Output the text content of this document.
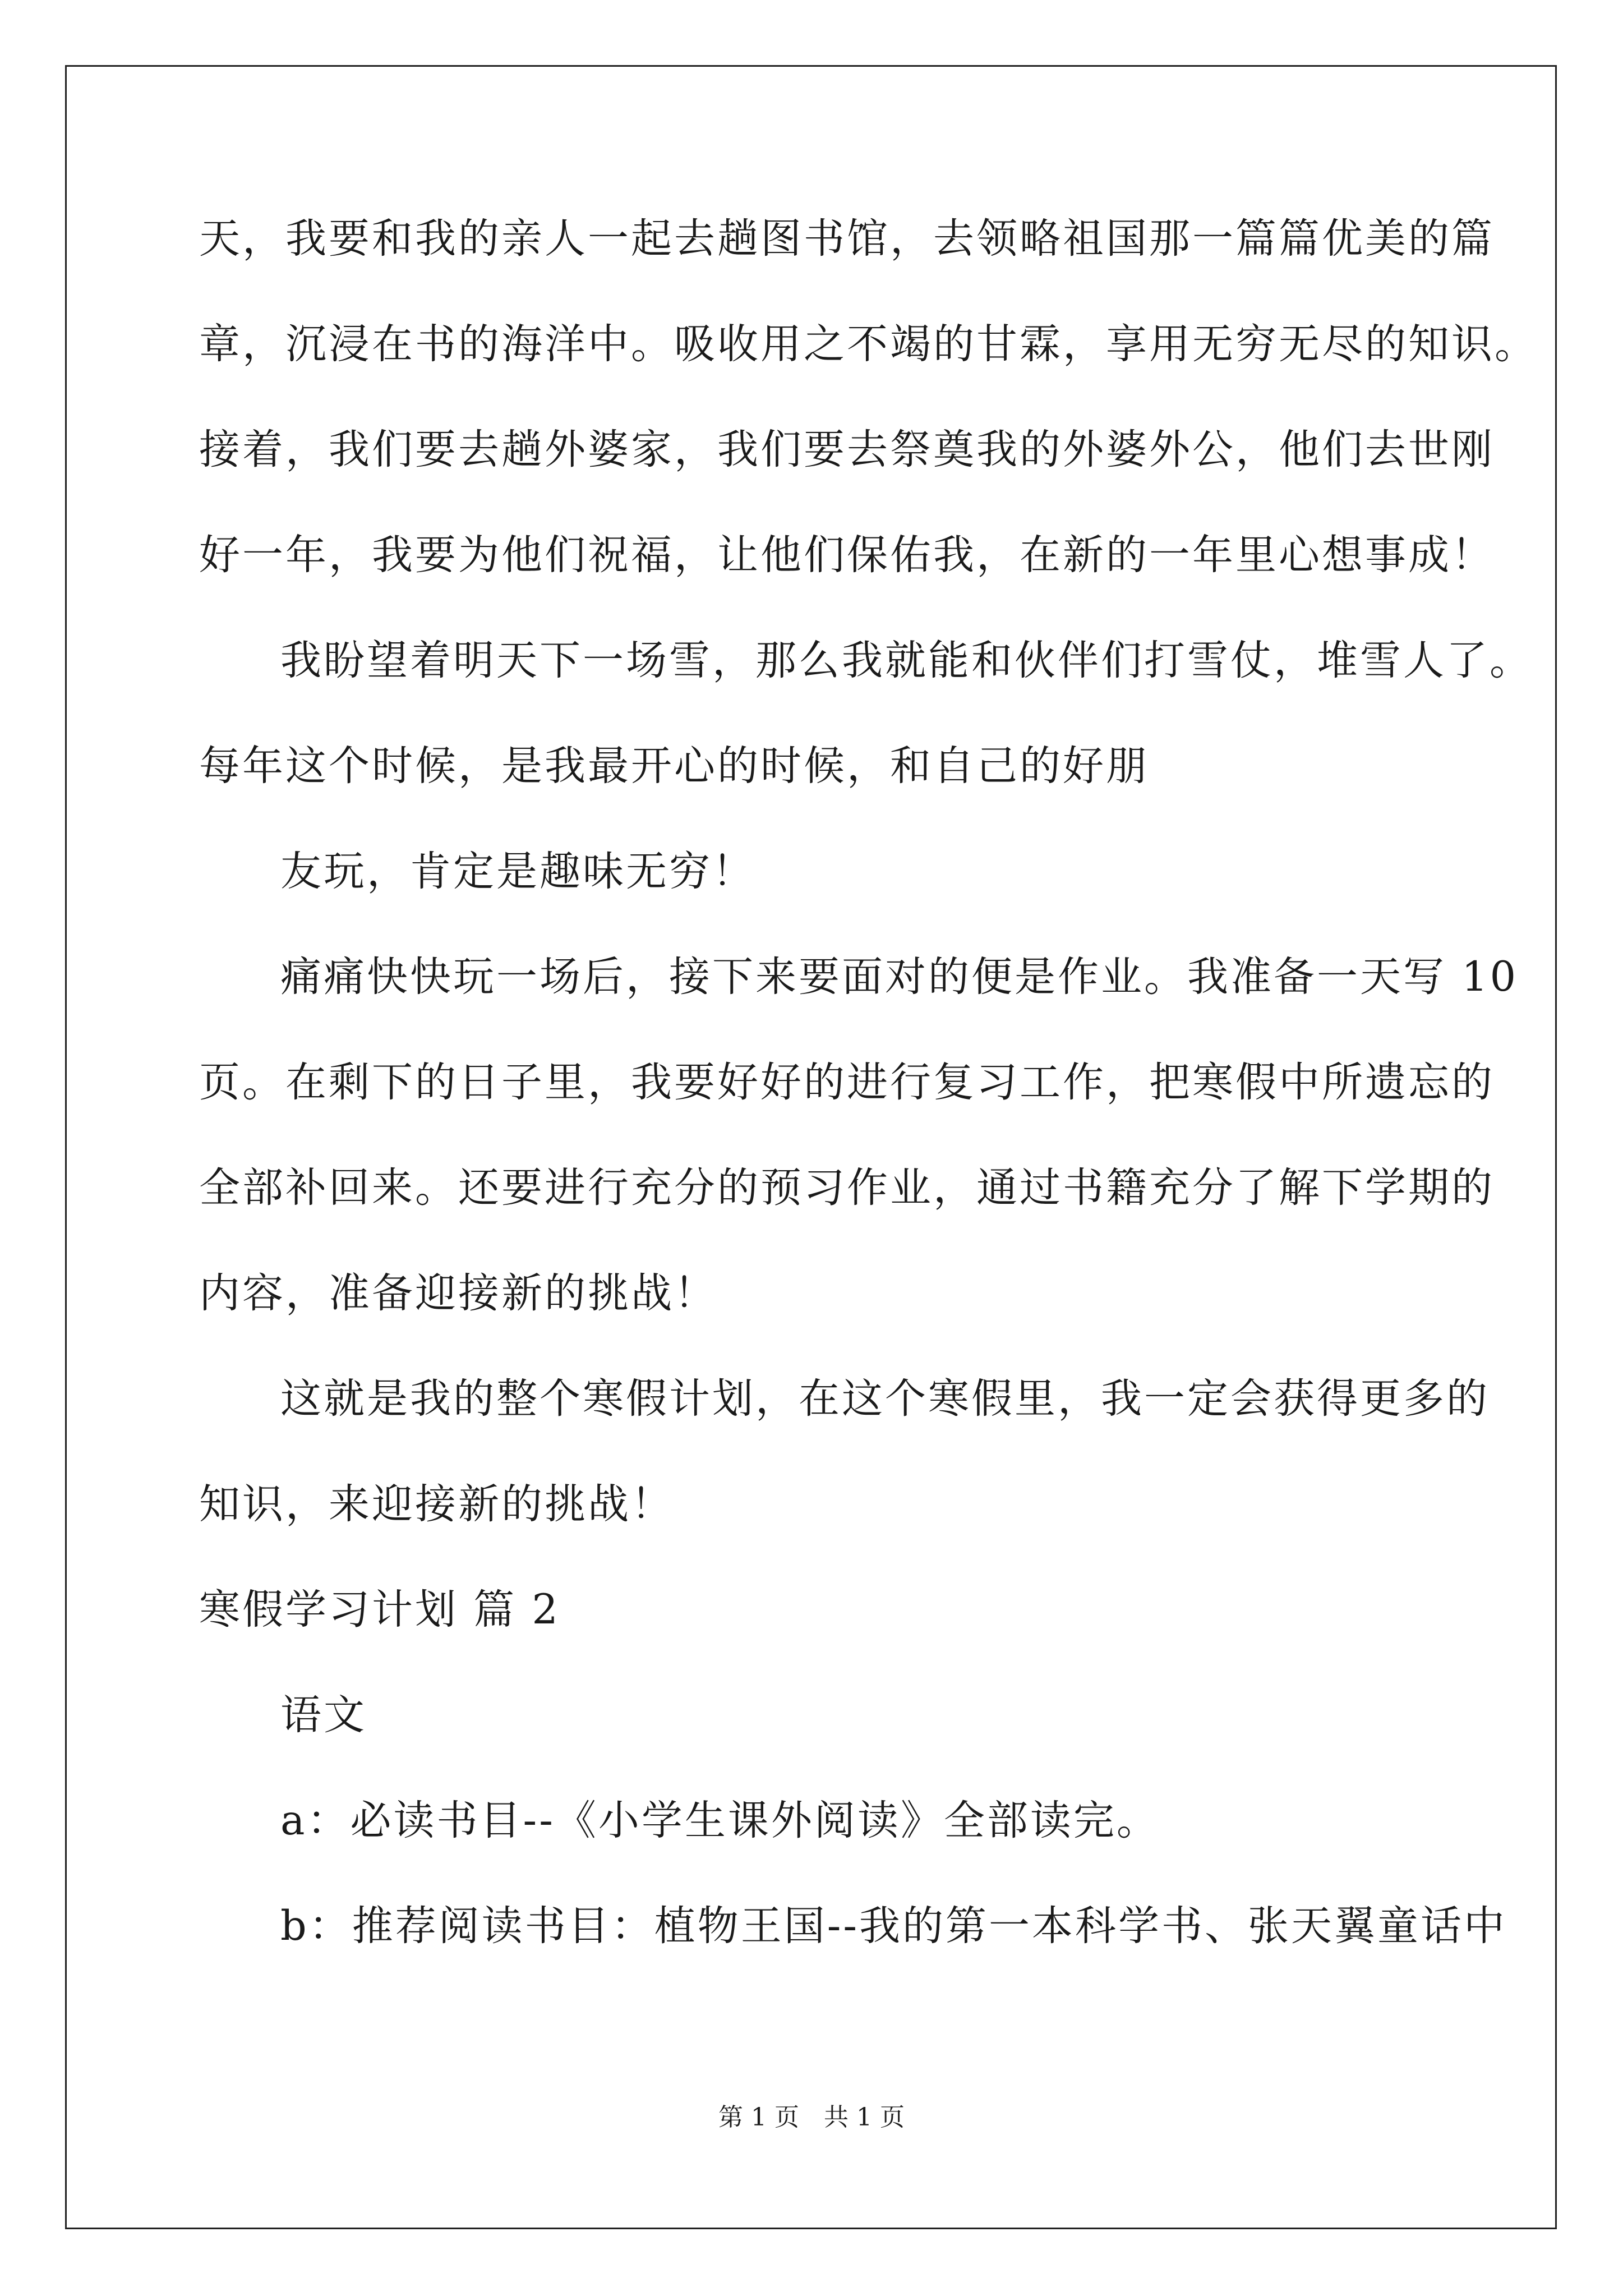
天，我要和我的亲人一起去趟图书馆，去领略祖国那一篇篇优美的篇

章，沉浸在书的海洋中。吸收用之不竭的甘霖，享用无穷无尽的知识。

接着，我们要去趟外婆家，我们要去祭奠我的外婆外公，他们去世刚

好一年，我要为他们祝福，让他们保佑我，在新的一年里心想事成！

我盼望着明天下一场雪，那么我就能和伙伴们打雪仗，堆雪人了。

每年这个时候，是我最开心的时候，和自己的好朋

友玩，肯定是趣味无穷！

痛痛快快玩一场后，接下来要面对的便是作业。我准备一天写 10

页。在剩下的日子里，我要好好的进行复习工作，把寒假中所遗忘的

全部补回来。还要进行充分的预习作业，通过书籍充分了解下学期的

内容，准备迎接新的挑战！

这就是我的整个寒假计划，在这个寒假里，我一定会获得更多的

知识，来迎接新的挑战！

寒假学习计划 篇 2

语文

a：必读书目--《小学生课外阅读》全部读完。

b：推荐阅读书目：植物王国--我的第一本科学书、张天翼童话中

第 1 页　共 1 页
